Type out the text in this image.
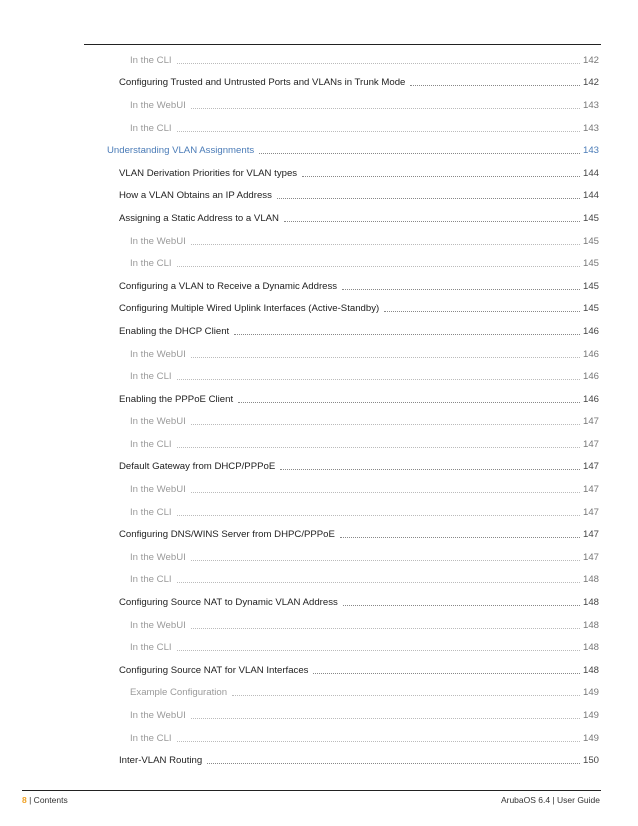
In the CLI	142
Configuring Trusted and Untrusted Ports and VLANs in Trunk Mode	142
In the WebUI	143
In the CLI	143
Understanding VLAN Assignments	143
VLAN Derivation Priorities for VLAN types	144
How a VLAN Obtains an IP Address	144
Assigning a Static Address to a VLAN	145
In the WebUI	145
In the CLI	145
Configuring a VLAN to Receive a Dynamic Address	145
Configuring Multiple Wired Uplink Interfaces (Active-Standby)	145
Enabling the DHCP Client	146
In the WebUI	146
In the CLI	146
Enabling the PPPoE Client	146
In the WebUI	147
In the CLI	147
Default Gateway from DHCP/PPPoE	147
In the WebUI	147
In the CLI	147
Configuring DNS/WINS Server from DHPC/PPPoE	147
In the WebUI	147
In the CLI	148
Configuring Source NAT to Dynamic VLAN Address	148
In the WebUI	148
In the CLI	148
Configuring Source NAT for VLAN Interfaces	148
Example Configuration	149
In the WebUI	149
In the CLI	149
Inter-VLAN Routing	150
8 | Contents	ArubaOS 6.4 | User Guide
